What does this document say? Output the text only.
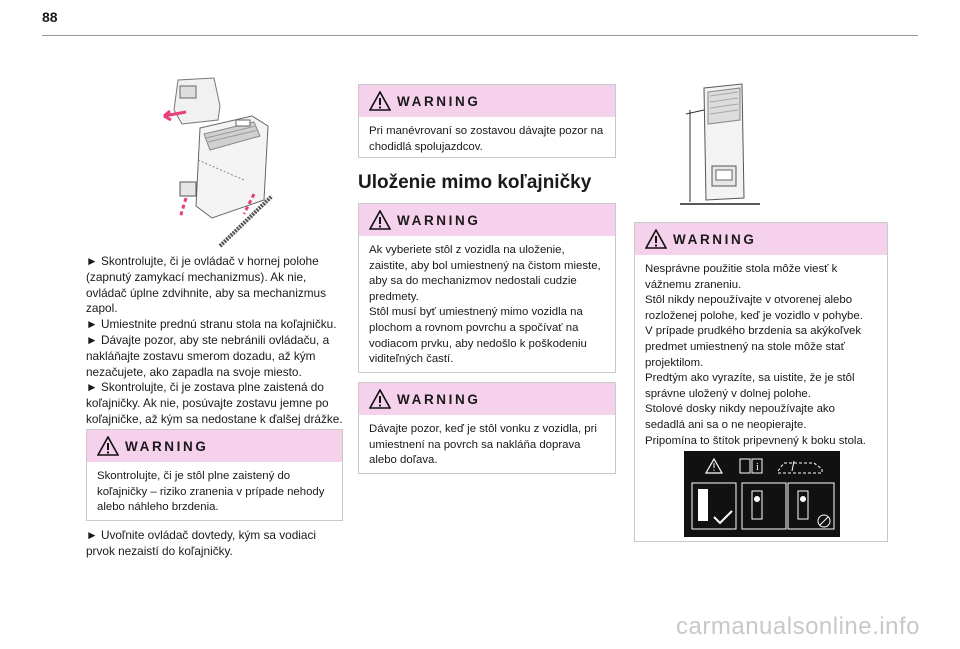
88
► Skontrolujte, či je ovládač v hornej polohe (zapnutý zamykací mechanizmus). Ak nie, ovládač úplne zdvihnite, aby sa mechanizmus zapol.
► Umiestnite prednú stranu stola na koľajničku.
► Dávajte pozor, aby ste nebránili ovládaču, a nakláňajte zostavu smerom dozadu, až kým nezačujete, ako zapadla na svoje miesto.
► Skontrolujte, či je zostava plne zaistená do koľajničky. Ak nie, posúvajte zostavu jemne po koľajničke, až kým sa nedostane k ďalšej drážke.
WARNING
Skontrolujte, či je stôl plne zaistený do koľajničky – riziko zranenia v prípade nehody alebo náhleho brzdenia.
► Uvoľnite ovládač dovtedy, kým sa vodiaci prvok nezaistí do koľajničky.
WARNING
Pri manévrovaní so zostavou dávajte pozor na chodidlá spolujazdcov.
Uloženie mimo koľajničky
WARNING
Ak vyberiete stôl z vozidla na uloženie, zaistite, aby bol umiestnený na čistom mieste, aby sa do mechanizmov nedostali cudzie predmety.
Stôl musí byť umiestnený mimo vozidla na plochom a rovnom povrchu a spočívať na vodiacom prvku, aby nedošlo k poškodeniu viditeľných častí.
WARNING
Dávajte pozor, keď je stôl vonku z vozidla, pri umiestnení na povrch sa nakláňa doprava alebo doľava.
WARNING
Nesprávne použitie stola môže viesť k vážnemu zraneniu.
Stôl nikdy nepoužívajte v otvorenej alebo rozloženej polohe, keď je vozidlo v pohybe.
V prípade prudkého brzdenia sa akýkoľvek predmet umiestnený na stole môže stať projektilom.
Predtým ako vyrazíte, sa uistite, že je stôl správne uložený v dolnej polohe.
Stolové dosky nikdy nepoužívajte ako sedadlá ani sa o ne neopierajte.
Pripomína to štítok pripevnený k boku stola.
i
carmanualsonline.info
